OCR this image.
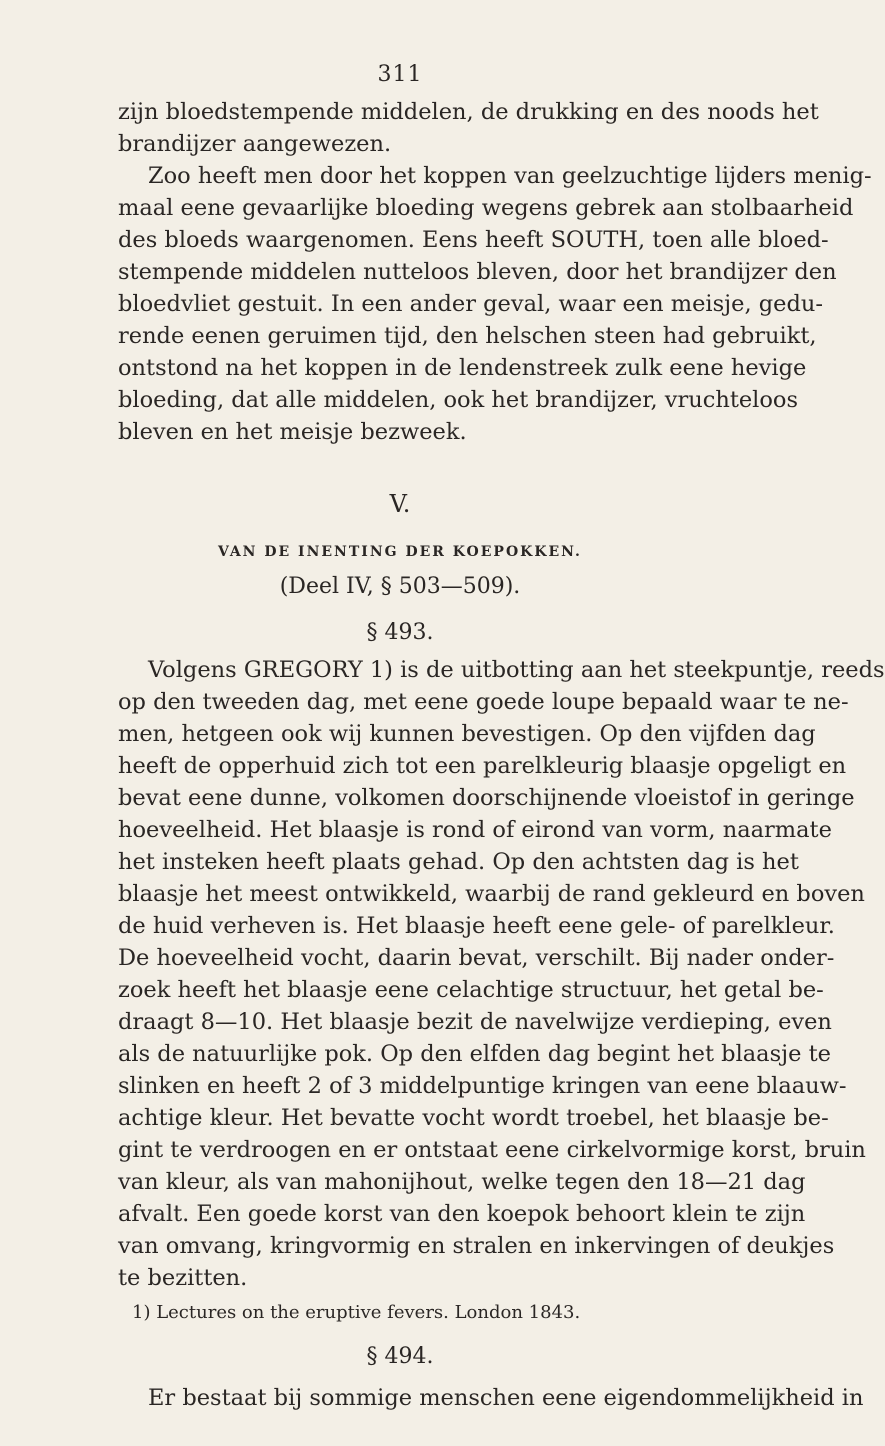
311
zijn bloedstempende middelen, de drukking en des noods het
brandijzer aangewezen.
Zoo heeft men door het koppen van geelzuchtige lijders menig-
maal eene gevaarlijke bloeding wegens gebrek aan stolbaarheid
des bloeds waargenomen. Eens heeft SOUTH, toen alle bloed-
stempende middelen nutteloos bleven, door het brandijzer den
bloedvliet gestuit. In een ander geval, waar een meisje, gedu-
rende eenen geruimen tijd, den helschen steen had gebruikt,
ontstond na het koppen in de lendenstreek zulk eene hevige
bloeding, dat alle middelen, ook het brandijzer, vruchteloos
bleven en het meisje bezweek.
V.
VAN DE INENTING DER KOEPOKKEN.
(Deel IV, § 503—509).
§ 493.
Volgens GREGORY 1) is de uitbotting aan het steekpuntje, reeds
op den tweeden dag, met eene goede loupe bepaald waar te ne-
men, hetgeen ook wij kunnen bevestigen. Op den vijfden dag
heeft de opperhuid zich tot een parelkleurig blaasje opgeligt en
bevat eene dunne, volkomen doorschijnende vloeistof in geringe
hoeveelheid. Het blaasje is rond of eirond van vorm, naarmate
het insteken heeft plaats gehad. Op den achtsten dag is het
blaasje het meest ontwikkeld, waarbij de rand gekleurd en boven
de huid verheven is. Het blaasje heeft eene gele- of parelkleur.
De hoeveelheid vocht, daarin bevat, verschilt. Bij nader onder-
zoek heeft het blaasje eene celachtige structuur, het getal be-
draagt 8—10. Het blaasje bezit de navelwijze verdieping, even
als de natuurlijke pok. Op den elfden dag begint het blaasje te
slinken en heeft 2 of 3 middelpuntige kringen van eene blaauw-
achtige kleur. Het bevatte vocht wordt troebel, het blaasje be-
gint te verdroogen en er ontstaat eene cirkelvormige korst, bruin
van kleur, als van mahonijhout, welke tegen den 18—21 dag
afvalt. Een goede korst van den koepok behoort klein te zijn
van omvang, kringvormig en stralen en inkervingen of deukjes
te bezitten.
1) Lectures on the eruptive fevers. London 1843.
§ 494.
Er bestaat bij sommige menschen eene eigendommelijkheid in
